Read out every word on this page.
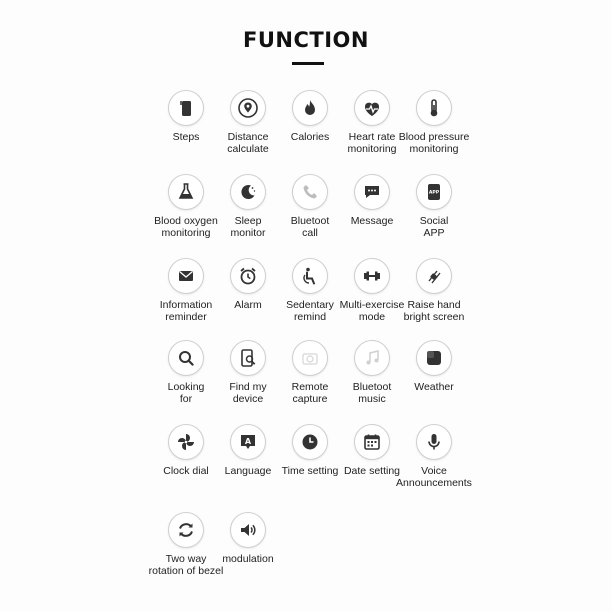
FUNCTION
Steps	Distance
calculate
Calories	Heart rate
monitoring
Blood pressure
monitoring
Blood oxygen
monitoring
Sleep
monitor
Bluetoot
call
Message
APP
Social
APP
Information
reminder
Alarm	Sedentary
remind
Multi-exercise
mode
Raise hand
bright screen
Looking
for
Find my
device
Remote
capture
Bluetoot
music
Weather
Clock dial
A
Language Time setting Date setting	Voice
Announcements
Two way
rotation of bezel
modulation
